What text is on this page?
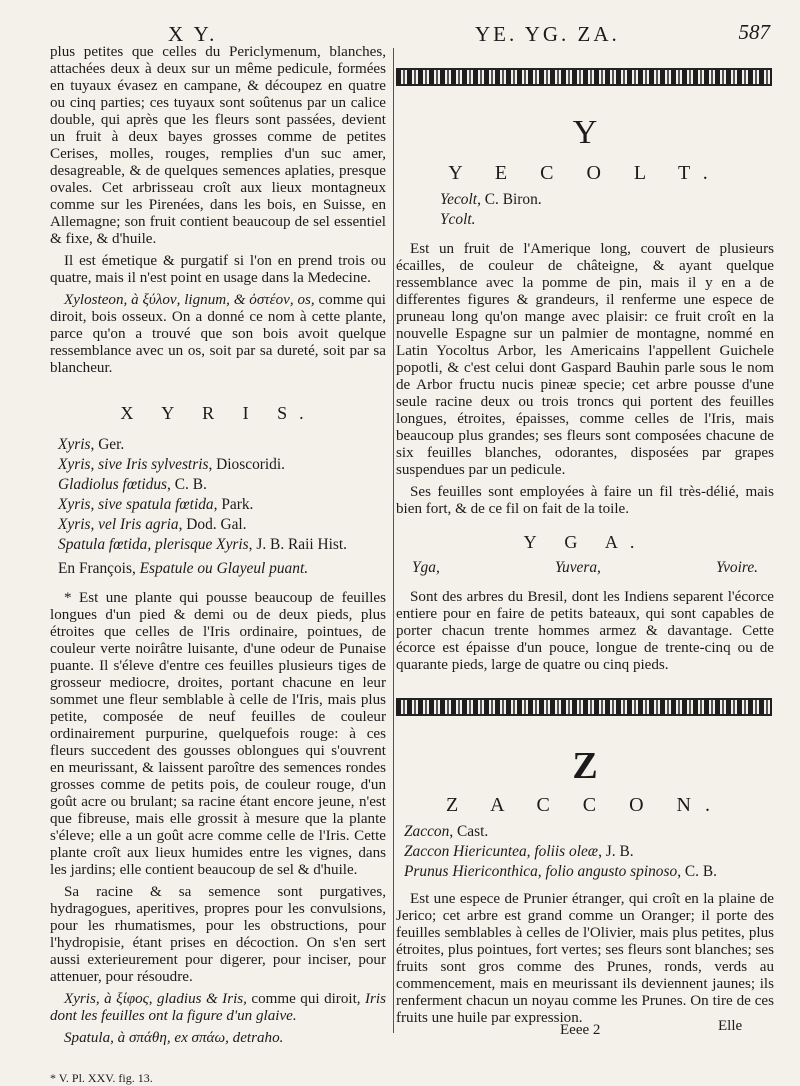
X Y.	YE. YG. ZA.	587

plus petites que celles du Periclymenum, blanches, attachées deux à deux sur un même pedicule, formées en tuyaux évasez en campane, & découpez en quatre ou cinq parties; ces tuyaux sont soûtenus par un calice double, qui après que les fleurs sont passées, devient un fruit à deux bayes grosses comme de petites Cerises, molles, rouges, remplies d'un suc amer, desagreable, & de quelques semences aplaties, presque ovales. Cet arbrisseau croît aux lieux montagneux comme sur les Pirenées, dans les bois, en Suisse, en Allemagne; son fruit contient beaucoup de sel essentiel & fixe, & d'huile.

Il est émetique & purgatif si l'on en prend trois ou quatre, mais il n'est point en usage dans la Medecine.

Xylosteon, à ξύλον, lignum, & ὀστέον, os, comme qui diroit, bois osseux. On a donné ce nom à cette plante, parce qu'on a trouvé que son bois avoit quelque ressemblance avec un os, soit par sa dureté, soit par sa blancheur.

X Y R I S.
Xyris, Ger.
Xyris, sive Iris sylvestris, Dioscoridi.
Gladiolus fœtidus, C. B.
Xyris, sive spatula fœtida, Park.
Xyris, vel Iris agria, Dod. Gal.
Spatula fœtida, plerisque Xyris, J. B. Raii Hist.
En François, Espatule ou Glayeul puant.

* Est une plante qui pousse beaucoup de feuilles longues d'un pied & demi ou de deux pieds, plus étroites que celles de l'Iris ordinaire, pointues, de couleur verte noirâtre luisante, d'une odeur de Punaise puante. Il s'éleve d'entre ces feuilles plusieurs tiges de grosseur mediocre, droites, portant chacune en leur sommet une fleur semblable à celle de l'Iris, mais plus petite, composée de neuf feuilles de couleur ordinairement purpurine, quelquefois rouge: à ces fleurs succedent des gousses oblongues qui s'ouvrent en meurissant, & laissent paroître des semences rondes grosses comme de petits pois, de couleur rouge, d'un goût acre ou brulant; sa racine étant encore jeune, n'est que fibreuse, mais elle grossit à mesure que la plante s'éleve; elle a un goût acre comme celle de l'Iris. Cette plante croît aux lieux humides entre les vignes, dans les jardins; elle contient beaucoup de sel & d'huile.

Sa racine & sa semence sont purgatives, hydragogues, aperitives, propres pour les convulsions, pour les rhumatismes, pour les obstructions, pour l'hydropisie, étant prises en décoction. On s'en sert aussi exterieurement pour digerer, pour inciser, pour attenuer, pour résoudre.

Xyris, à ξίφος, gladius & Iris, comme qui diroit, Iris dont les feuilles ont la figure d'un glaive.

Spatula, à σπάθη, ex σπάω, detraho.

* V. Pl. XXV. fig. 13.
Y
Y E C O L T.
Yecolt, C. Biron.
Ycolt.

Est un fruit de l'Amerique long, couvert de plusieurs écailles, de couleur de châteigne, & ayant quelque ressemblance avec la pomme de pin, mais il y en a de differentes figures & grandeurs, il renferme une espece de pruneau long qu'on mange avec plaisir: ce fruit croît en la nouvelle Espagne sur un palmier de montagne, nommé en Latin Yocoltus Arbor, les Americains l'appellent Guichele popotli, & c'est celui dont Gaspard Bauhin parle sous le nom de Arbor fructu nucis pineæ specie; cet arbre pousse d'une seule racine deux ou trois troncs qui portent des feuilles longues, étroites, épaisses, comme celles de l'Iris, mais beaucoup plus grandes; ses fleurs sont composées chacune de six feuilles blanches, odorantes, disposées par grapes suspendues par un pedicule.

Ses feuilles sont employées à faire un fil très-délié, mais bien fort, & de ce fil on fait de la toile.

Y G A.
Yga,	Yuvera,	Yvoire.

Sont des arbres du Bresil, dont les Indiens separent l'écorce entiere pour en faire de petits bateaux, qui sont capables de porter chacun trente hommes armez & davantage. Cette écorce est épaisse d'un pouce, longue de trente-cinq ou de quarante pieds, large de quatre ou cinq pieds.

Z
Z A C C O N.
Zaccon, Cast.
Zaccon Hiericuntea, foliis oleæ, J. B.
Prunus Hiericonthica, folio angusto spinoso, C. B.

Est une espece de Prunier étranger, qui croît en la plaine de Jerico; cet arbre est grand comme un Oranger; il porte des feuilles semblables à celles de l'Olivier, mais plus petites, plus étroites, plus pointues, fort vertes; ses fleurs sont blanches; ses fruits sont gros comme des Prunes, ronds, verds au commencement, mais en meurissant ils deviennent jaunes; ils renferment chacun un noyau comme les Prunes. On tire de ces fruits une huile par expression.

Eeee 2	Elle
